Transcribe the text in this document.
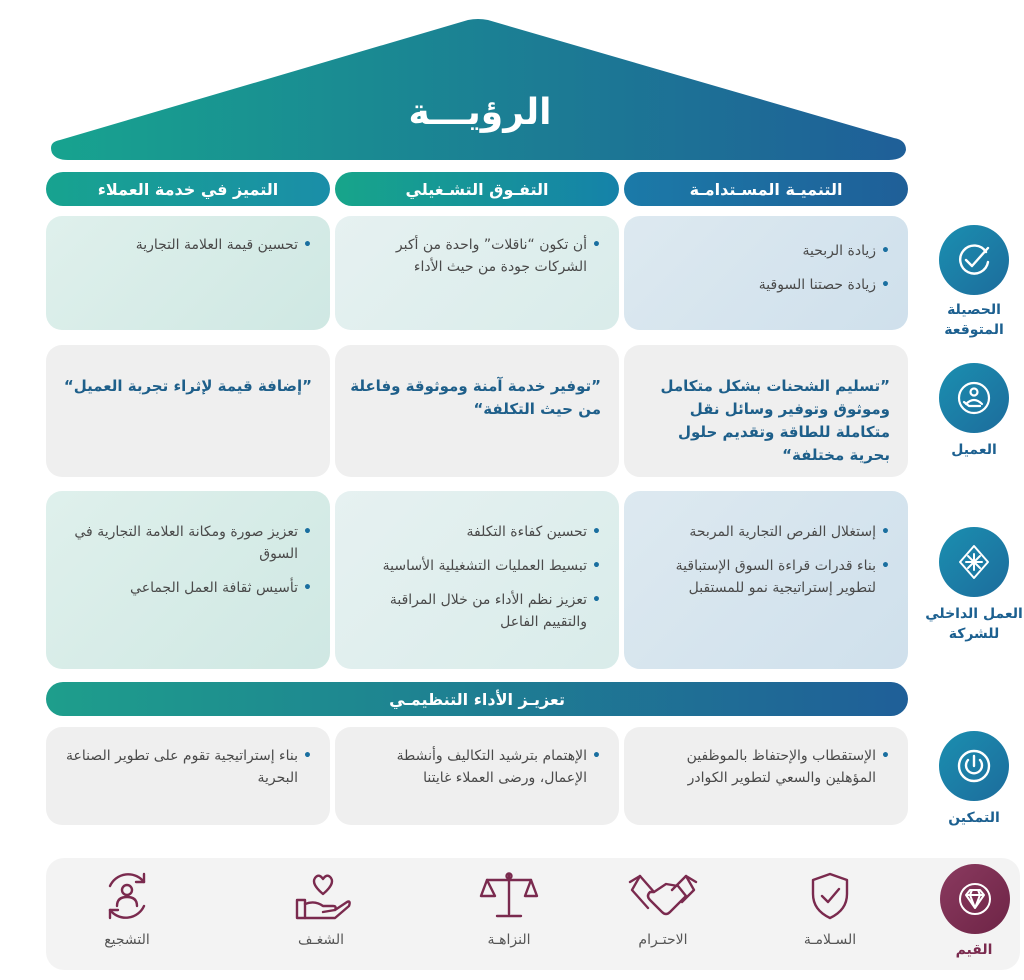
الرؤيـــة
التميز في خدمة العملاء	التفـوق التشـغيلي	التنميـة المسـتدامـة
• تحسين قيمة العلامة التجارية
•	أن تكون “ناقلات” واحدة من أكبر الشركات جودة من حيث الأداء
• زيادة الربحية
• زيادة حصتنا السوقية
”إضافة قيمة لإثراء تجربة العميل“	”توفير خدمة آمنة وموثوقة وفاعلة من حيث التكلفة“
”تسليم الشحنات بشكل متكامل وموثوق وتوفير وسائل نقل متكاملة للطاقة وتقديم حلول بحرية مختلفة“
• تعزيز صورة ومكانة العلامة التجارية في السوق
• تأسيس ثقافة العمل الجماعي
• تحسين كفاءة التكلفة
• تبسيط العمليات التشغيلية الأساسية
• تعزيز نظم الأداء من خلال المراقبة والتقييم الفاعل
• إستغلال الفرص التجارية المربحة
• بناء قدرات قراءة السوق الإستباقية لتطوير إستراتيجية نمو للمستقبل
تعزيـز الأداء التنظيمـي
• بناء إستراتيجية تقوم على تطوير الصناعة البحرية
• الإهتمام بترشيد التكاليف وأنشطة الإعمال، ورضى العملاء غايتنا
• الإستقطاب والإحتفاظ بالموظفين المؤهلين والسعي لتطوير الكوادر
الحصيلة المتوقعة
العميل
العمل الداخلي للشركة
التمكين
القيم
السـلامـة
الاحتـرام
النزاهـة
الشغـف
التشجيع
